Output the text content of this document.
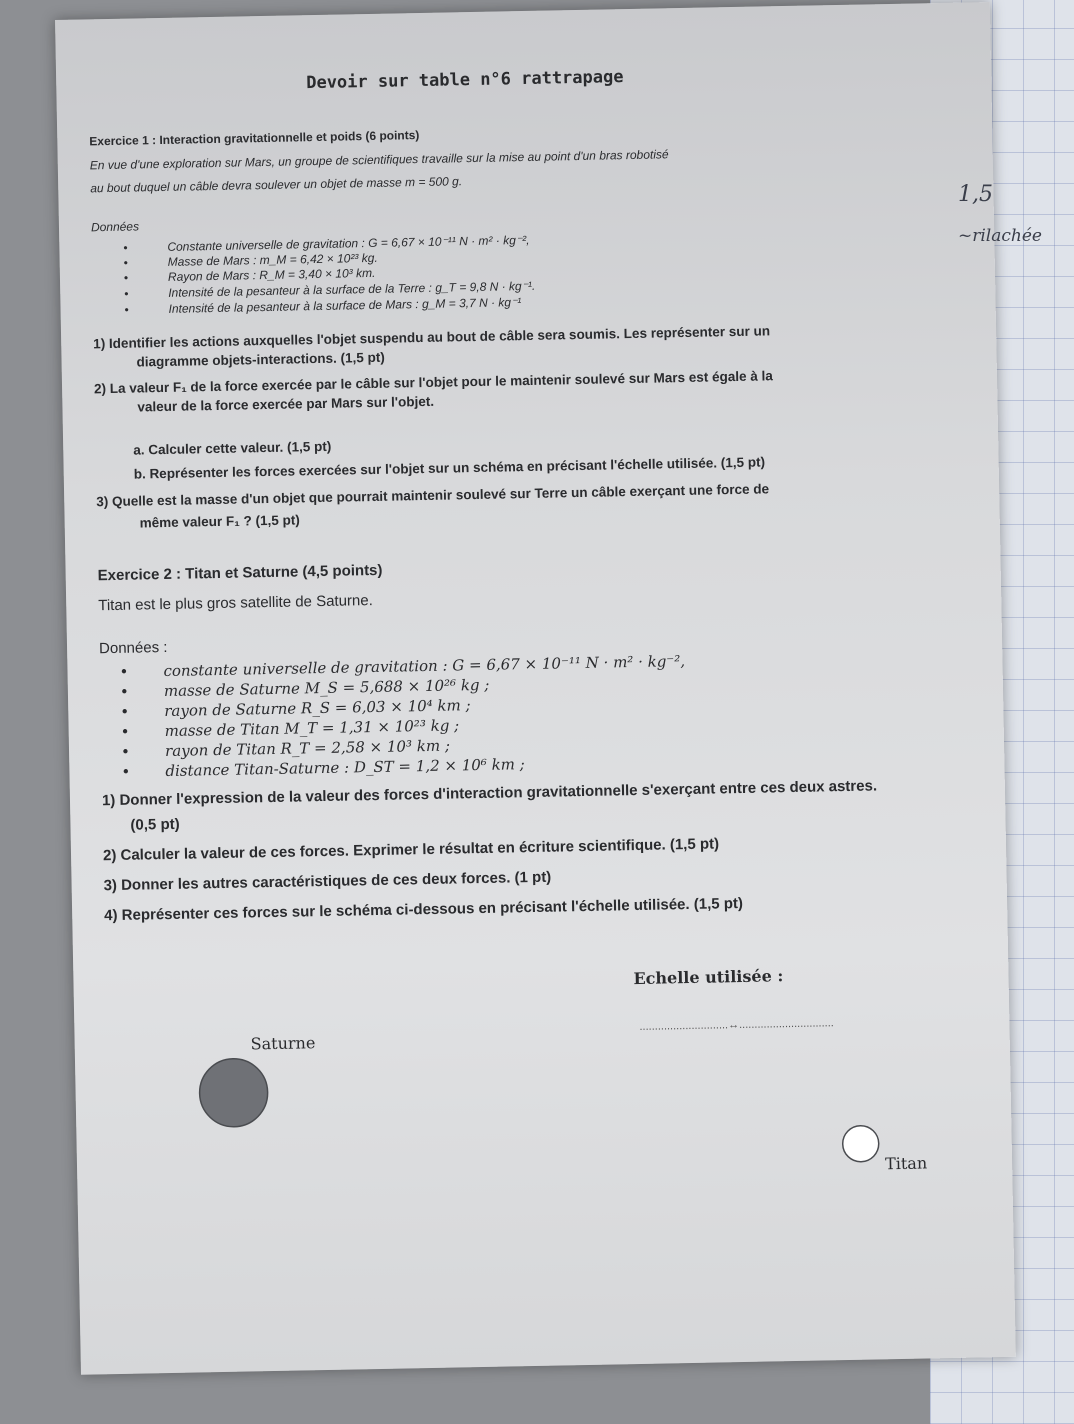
Devoir sur table n°6 rattrapage
Exercice 1 : Interaction gravitationnelle et poids (6 points)
En vue d'une exploration sur Mars, un groupe de scientifiques travaille sur la mise au point d'un bras robotisé
au bout duquel un câble devra soulever un objet de masse m = 500 g.
Données
• Constante universelle de gravitation : G = 6,67 × 10⁻¹¹ N · m² · kg⁻²,
• Masse de Mars : m_M = 6,42 × 10²³ kg.
• Rayon de Mars : R_M = 3,40 × 10³ km.
• Intensité de la pesanteur à la surface de la Terre : g_T = 9,8 N · kg⁻¹.
• Intensité de la pesanteur à la surface de Mars : g_M = 3,7 N · kg⁻¹
1) Identifier les actions auxquelles l'objet suspendu au bout de câble sera soumis. Les représenter sur un
diagramme objets-interactions. (1,5 pt)
2) La valeur F₁ de la force exercée par le câble sur l'objet pour le maintenir soulevé sur Mars est égale à la
valeur de la force exercée par Mars sur l'objet.
a. Calculer cette valeur. (1,5 pt)
b. Représenter les forces exercées sur l'objet sur un schéma en précisant l'échelle utilisée. (1,5 pt)
3) Quelle est la masse d'un objet que pourrait maintenir soulevé sur Terre un câble exerçant une force de
même valeur F₁ ? (1,5 pt)
Exercice 2 : Titan et Saturne (4,5 points)
Titan est le plus gros satellite de Saturne.
Données :
• constante universelle de gravitation : G = 6,67 × 10⁻¹¹ N · m² · kg⁻²,
• masse de Saturne M_S = 5,688 × 10²⁶ kg ;
• rayon de Saturne R_S = 6,03 × 10⁴ km ;
• masse de Titan M_T = 1,31 × 10²³ kg ;
• rayon de Titan R_T = 2,58 × 10³ km ;
• distance Titan-Saturne : D_ST = 1,2 × 10⁶ km ;
1) Donner l'expression de la valeur des forces d'interaction gravitationnelle s'exerçant entre ces deux astres.
(0,5 pt)
2) Calculer la valeur de ces forces. Exprimer le résultat en écriture scientifique. (1,5 pt)
3) Donner les autres caractéristiques de ces deux forces. (1 pt)
4) Représenter ces forces sur le schéma ci-dessous en précisant l'échelle utilisée. (1,5 pt)
Echelle utilisée :
.............................↔...............................
Saturne
Titan
1,5
~rilachée
